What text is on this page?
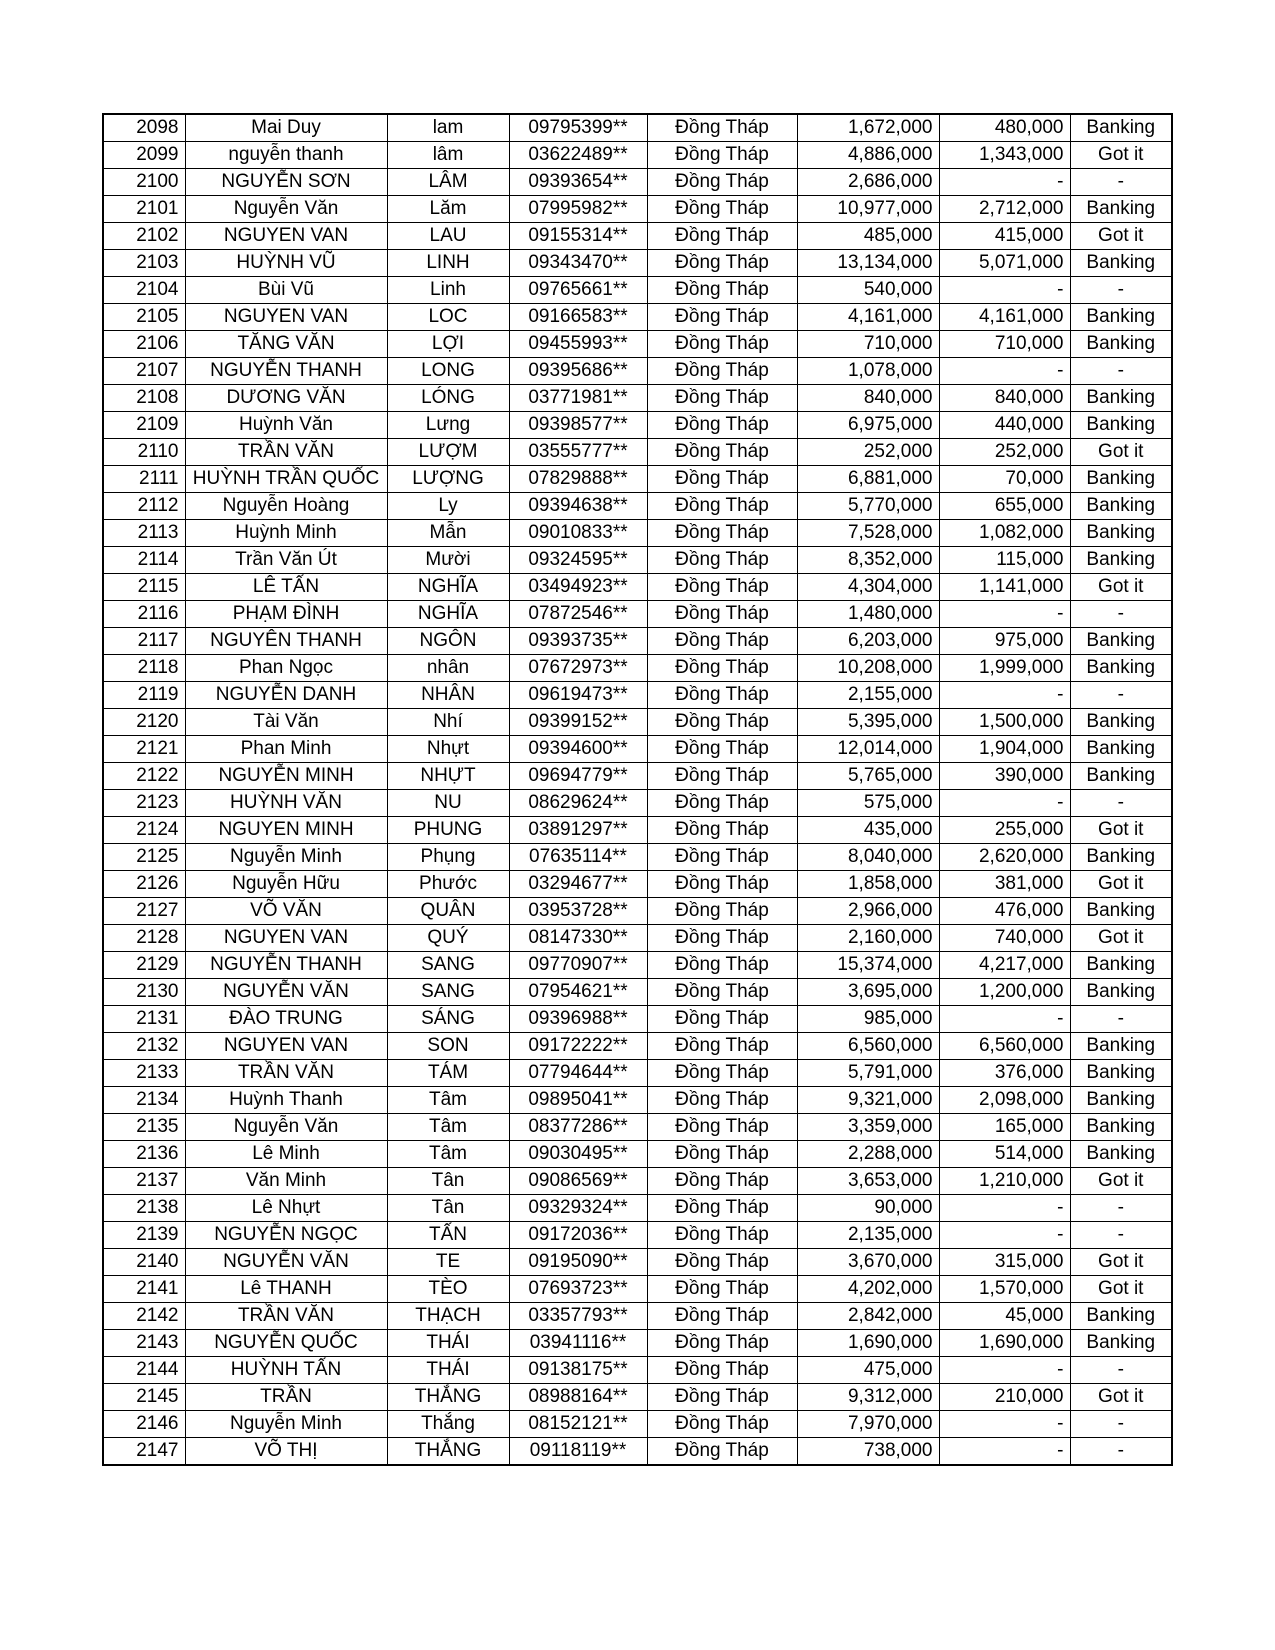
2098	Mai Duy	lam	09795399**	Đồng Tháp	1,672,000	480,000	Banking
2099	nguyễn thanh	lâm	03622489**	Đồng Tháp	4,886,000	1,343,000	Got it
2100	NGUYỄN SƠN	LÂM	09393654**	Đồng Tháp	2,686,000	-	-
2101	Nguyễn Văn	Lăm	07995982**	Đồng Tháp	10,977,000	2,712,000	Banking
2102	NGUYEN VAN	LAU	09155314**	Đồng Tháp	485,000	415,000	Got it
2103	HUỲNH VŨ	LINH	09343470**	Đồng Tháp	13,134,000	5,071,000	Banking
2104	Bùi Vũ	Linh	09765661**	Đồng Tháp	540,000	-	-
2105	NGUYEN VAN	LOC	09166583**	Đồng Tháp	4,161,000	4,161,000	Banking
2106	TĂNG VĂN	LỢI	09455993**	Đồng Tháp	710,000	710,000	Banking
2107	NGUYỄN THANH	LONG	09395686**	Đồng Tháp	1,078,000	-	-
2108	DƯƠNG VĂN	LÓNG	03771981**	Đồng Tháp	840,000	840,000	Banking
2109	Huỳnh Văn	Lưng	09398577**	Đồng Tháp	6,975,000	440,000	Banking
2110	TRẦN VĂN	LƯỢM	03555777**	Đồng Tháp	252,000	252,000	Got it
2111	HUỲNH TRẦN QUỐC	LƯỢNG	07829888**	Đồng Tháp	6,881,000	70,000	Banking
2112	Nguyễn Hoàng	Ly	09394638**	Đồng Tháp	5,770,000	655,000	Banking
2113	Huỳnh Minh	Mẫn	09010833**	Đồng Tháp	7,528,000	1,082,000	Banking
2114	Trần Văn Út	Mười	09324595**	Đồng Tháp	8,352,000	115,000	Banking
2115	LÊ TẤN	NGHĨA	03494923**	Đồng Tháp	4,304,000	1,141,000	Got it
2116	PHẠM ĐÌNH	NGHĨA	07872546**	Đồng Tháp	1,480,000	-	-
2117	NGUYÊN THANH	NGÔN	09393735**	Đồng Tháp	6,203,000	975,000	Banking
2118	Phan Ngọc	nhân	07672973**	Đồng Tháp	10,208,000	1,999,000	Banking
2119	NGUYỄN DANH	NHÂN	09619473**	Đồng Tháp	2,155,000	-	-
2120	Tài Văn	Nhí	09399152**	Đồng Tháp	5,395,000	1,500,000	Banking
2121	Phan Minh	Nhựt	09394600**	Đồng Tháp	12,014,000	1,904,000	Banking
2122	NGUYỄN MINH	NHỰT	09694779**	Đồng Tháp	5,765,000	390,000	Banking
2123	HUỲNH VĂN	NU	08629624**	Đồng Tháp	575,000	-	-
2124	NGUYEN MINH	PHUNG	03891297**	Đồng Tháp	435,000	255,000	Got it
2125	Nguyễn Minh	Phụng	07635114**	Đồng Tháp	8,040,000	2,620,000	Banking
2126	Nguyễn Hữu	Phước	03294677**	Đồng Tháp	1,858,000	381,000	Got it
2127	VÕ VĂN	QUÂN	03953728**	Đồng Tháp	2,966,000	476,000	Banking
2128	NGUYEN VAN	QUÝ	08147330**	Đồng Tháp	2,160,000	740,000	Got it
2129	NGUYỄN THANH	SANG	09770907**	Đồng Tháp	15,374,000	4,217,000	Banking
2130	NGUYỄN VĂN	SANG	07954621**	Đồng Tháp	3,695,000	1,200,000	Banking
2131	ĐÀO TRUNG	SÁNG	09396988**	Đồng Tháp	985,000	-	-
2132	NGUYEN VAN	SON	09172222**	Đồng Tháp	6,560,000	6,560,000	Banking
2133	TRẦN VĂN	TÁM	07794644**	Đồng Tháp	5,791,000	376,000	Banking
2134	Huỳnh Thanh	Tâm	09895041**	Đồng Tháp	9,321,000	2,098,000	Banking
2135	Nguyễn Văn	Tâm	08377286**	Đồng Tháp	3,359,000	165,000	Banking
2136	Lê Minh	Tâm	09030495**	Đồng Tháp	2,288,000	514,000	Banking
2137	Văn Minh	Tân	09086569**	Đồng Tháp	3,653,000	1,210,000	Got it
2138	Lê Nhựt	Tân	09329324**	Đồng Tháp	90,000	-	-
2139	NGUYỄN NGỌC	TẤN	09172036**	Đồng Tháp	2,135,000	-	-
2140	NGUYỄN VĂN	TE	09195090**	Đồng Tháp	3,670,000	315,000	Got it
2141	Lê THANH	TÈO	07693723**	Đồng Tháp	4,202,000	1,570,000	Got it
2142	TRẦN VĂN	THẠCH	03357793**	Đồng Tháp	2,842,000	45,000	Banking
2143	NGUYỄN QUỐC	THÁI	03941116**	Đồng Tháp	1,690,000	1,690,000	Banking
2144	HUỲNH TẤN	THÁI	09138175**	Đồng Tháp	475,000	-	-
2145	TRẦN	THẮNG	08988164**	Đồng Tháp	9,312,000	210,000	Got it
2146	Nguyễn Minh	Thắng	08152121**	Đồng Tháp	7,970,000	-	-
2147	VÕ THỊ	THẮNG	09118119**	Đồng Tháp	738,000	-	-
